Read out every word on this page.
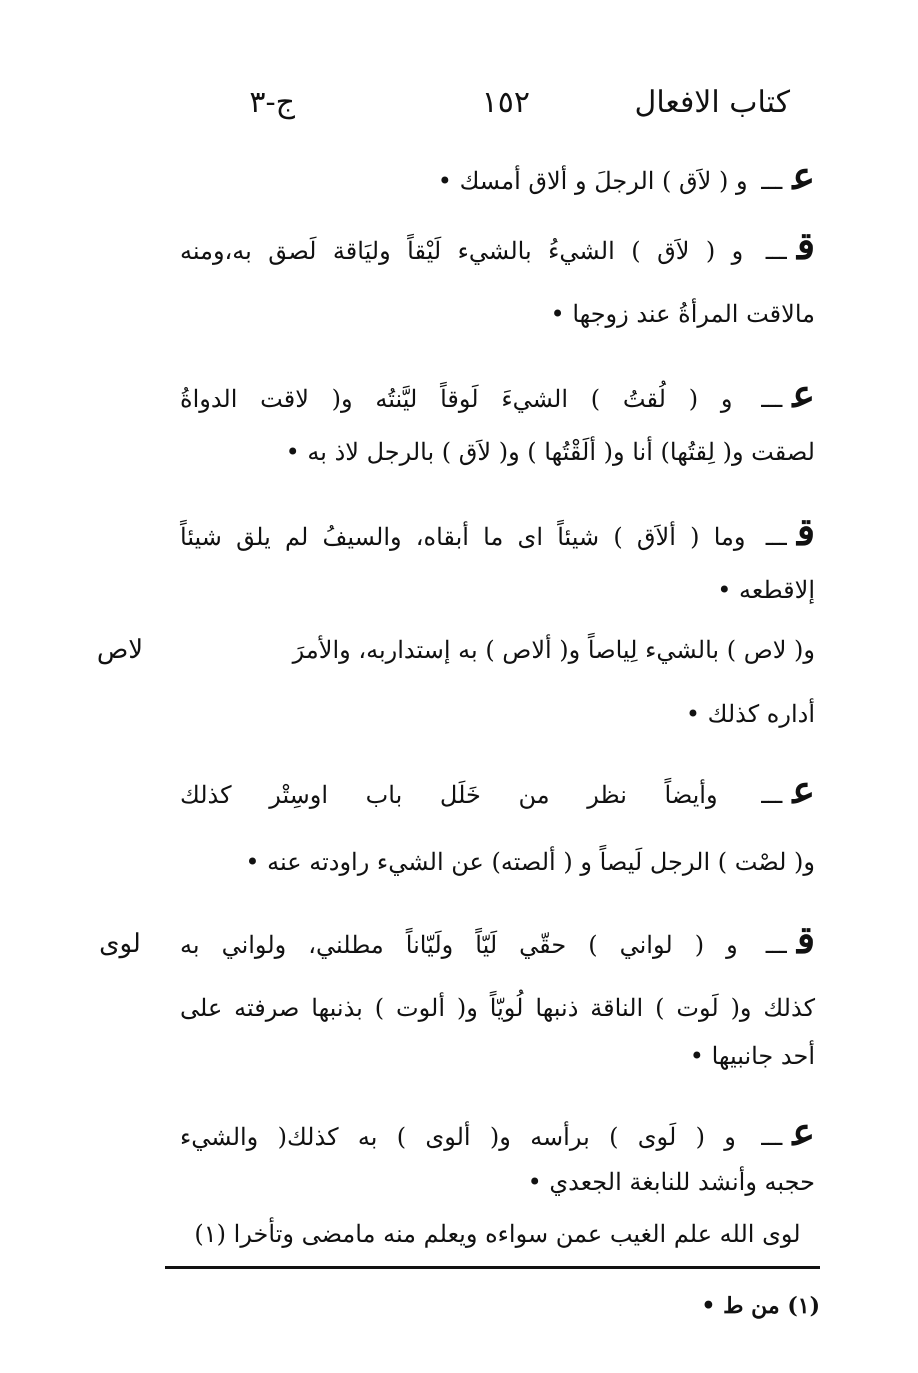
كتاب الافعال
١٥٢
ج-٣
عـــ و ( لاَق ) الرجلَ و ألاق أمسك •
قـــ و ( لاَق ) الشيءُ بالشيء لَيْقاً وليَاقة لَصق به،ومنه
مالاقت المرأةُ عند زوجها •
عـــ و ( لُقتُ ) الشيءَ لَوقاً ليَّنتُه و( لاقت الدواةُ
لصقت و( لِقتُها) أنا و( ألَقْتُها ) و( لاَق ) بالرجل لاذ به •
قـــ وما ( ألاَق ) شيئاً اى ما أبقاه، والسيفُ لم يلق شيئاً
إلاقطعه •
لاص	و( لاص ) بالشيء لِياصاً و( ألاص ) به إستداربه، والأمرَ
أداره كذلك •
عـــ وأيضاً نظر من خَلَل باب اوسِتْر كذلك
و( لصْت ) الرجل لَيصاً و ( ألصته) عن الشيء راودته عنه •
لوى	قـــ و ( لواني ) حقّي لَيّاً ولَيّاناً مطلني، ولواني به
كذلك و( لَوت ) الناقة ذنبها لُويّاً و( ألوت ) بذنبها صرفته على
أحد جانبيها •
عـــ و ( لَوى ) برأسه و( ألوى ) به كذلك( والشيء
حجبه وأنشد للنابغة الجعدي •
لوى الله علم الغيب عمن سواءه ويعلم منه مامضى وتأخرا (١)
(١) من ط •
